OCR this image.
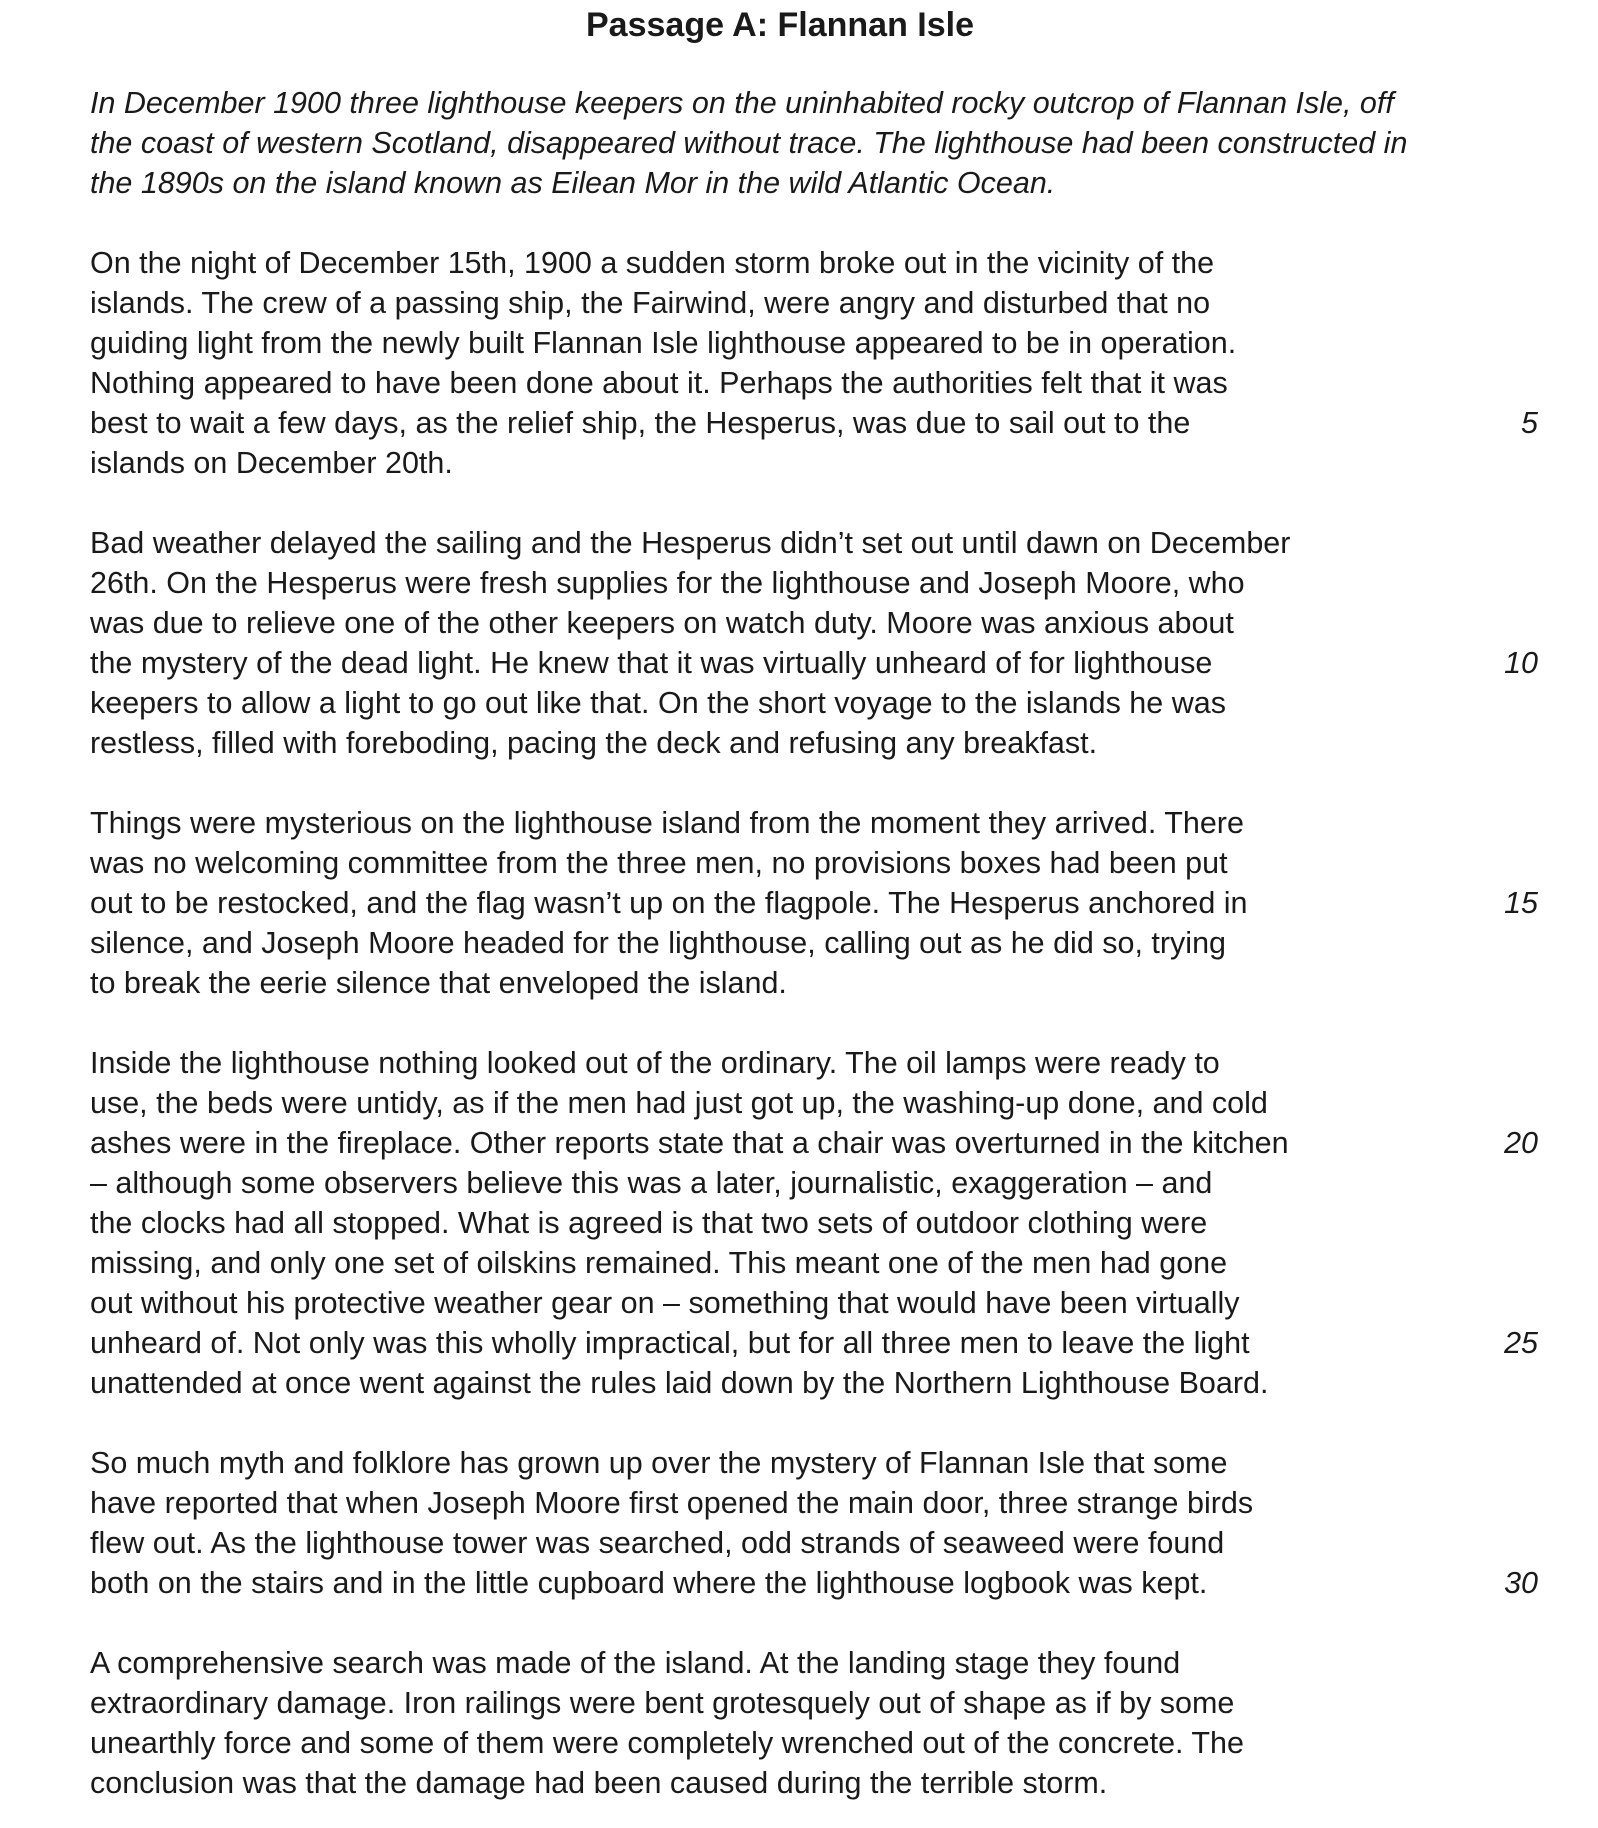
Passage A: Flannan Isle

In December 1900 three lighthouse keepers on the uninhabited rocky outcrop of Flannan Isle, off
the coast of western Scotland, disappeared without trace. The lighthouse had been constructed in
the 1890s on the island known as Eilean Mor in the wild Atlantic Ocean.

On the night of December 15th, 1900 a sudden storm broke out in the vicinity of the
islands. The crew of a passing ship, the Fairwind, were angry and disturbed that no
guiding light from the newly built Flannan Isle lighthouse appeared to be in operation.
Nothing appeared to have been done about it. Perhaps the authorities felt that it was
best to wait a few days, as the relief ship, the Hesperus, was due to sail out to the
islands on December 20th.

Bad weather delayed the sailing and the Hesperus didn’t set out until dawn on December
26th. On the Hesperus were fresh supplies for the lighthouse and Joseph Moore, who
was due to relieve one of the other keepers on watch duty. Moore was anxious about
the mystery of the dead light. He knew that it was virtually unheard of for lighthouse
keepers to allow a light to go out like that. On the short voyage to the islands he was
restless, filled with foreboding, pacing the deck and refusing any breakfast.

Things were mysterious on the lighthouse island from the moment they arrived. There
was no welcoming committee from the three men, no provisions boxes had been put
out to be restocked, and the flag wasn’t up on the flagpole. The Hesperus anchored in
silence, and Joseph Moore headed for the lighthouse, calling out as he did so, trying
to break the eerie silence that enveloped the island.

Inside the lighthouse nothing looked out of the ordinary. The oil lamps were ready to
use, the beds were untidy, as if the men had just got up, the washing-up done, and cold
ashes were in the fireplace. Other reports state that a chair was overturned in the kitchen
– although some observers believe this was a later, journalistic, exaggeration – and
the clocks had all stopped. What is agreed is that two sets of outdoor clothing were
missing, and only one set of oilskins remained. This meant one of the men had gone
out without his protective weather gear on – something that would have been virtually
unheard of. Not only was this wholly impractical, but for all three men to leave the light
unattended at once went against the rules laid down by the Northern Lighthouse Board.

So much myth and folklore has grown up over the mystery of Flannan Isle that some
have reported that when Joseph Moore first opened the main door, three strange birds
flew out. As the lighthouse tower was searched, odd strands of seaweed were found
both on the stairs and in the little cupboard where the lighthouse logbook was kept.

A comprehensive search was made of the island. At the landing stage they found
extraordinary damage. Iron railings were bent grotesquely out of shape as if by some
unearthly force and some of them were completely wrenched out of the concrete. The
conclusion was that the damage had been caused during the terrible storm.

5
10
15
20
25
30
